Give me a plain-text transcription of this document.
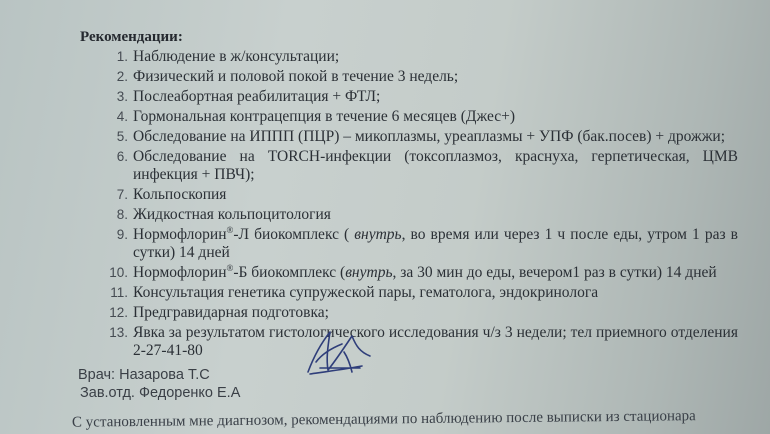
Рекомендации:
1. Наблюдение в ж/консультации;
2. Физический и половой покой в течение 3 недель;
3. Послеабортная реабилитация + ФТЛ;
4. Гормональная контрацепция в течение 6 месяцев (Джес+)
5. Обследование на ИППП (ПЦР) – микоплазмы, уреаплазмы + УПФ (бак.посев) + дрожжи;
6. Обследование на TORCH-инфекции (токсоплазмоз, краснуха, герпетическая, ЦМВ инфекция + ПВЧ);
7. Кольпоскопия
8. Жидкостная кольпоцитология
9. Нормофлорин®-Л биокомплекс ( внутрь, во время или через 1 ч после еды, утром 1 раз в сутки) 14 дней
10. Нормофлорин®-Б биокомплекс (внутрь, за 30 мин до еды, вечером1 раз в сутки) 14 дней
11. Консультация генетика супружеской пары, гематолога, эндокринолога
12. Предгравидарная подготовка;
13. Явка за результатом гистологического исследования ч/з 3 недели; тел приемного отделения 2-27-41-80
Врач: Назарова Т.С
Зав.отд. Федоренко Е.А
С установленным мне диагнозом, рекомендациями по наблюдению после выписки из стационара
